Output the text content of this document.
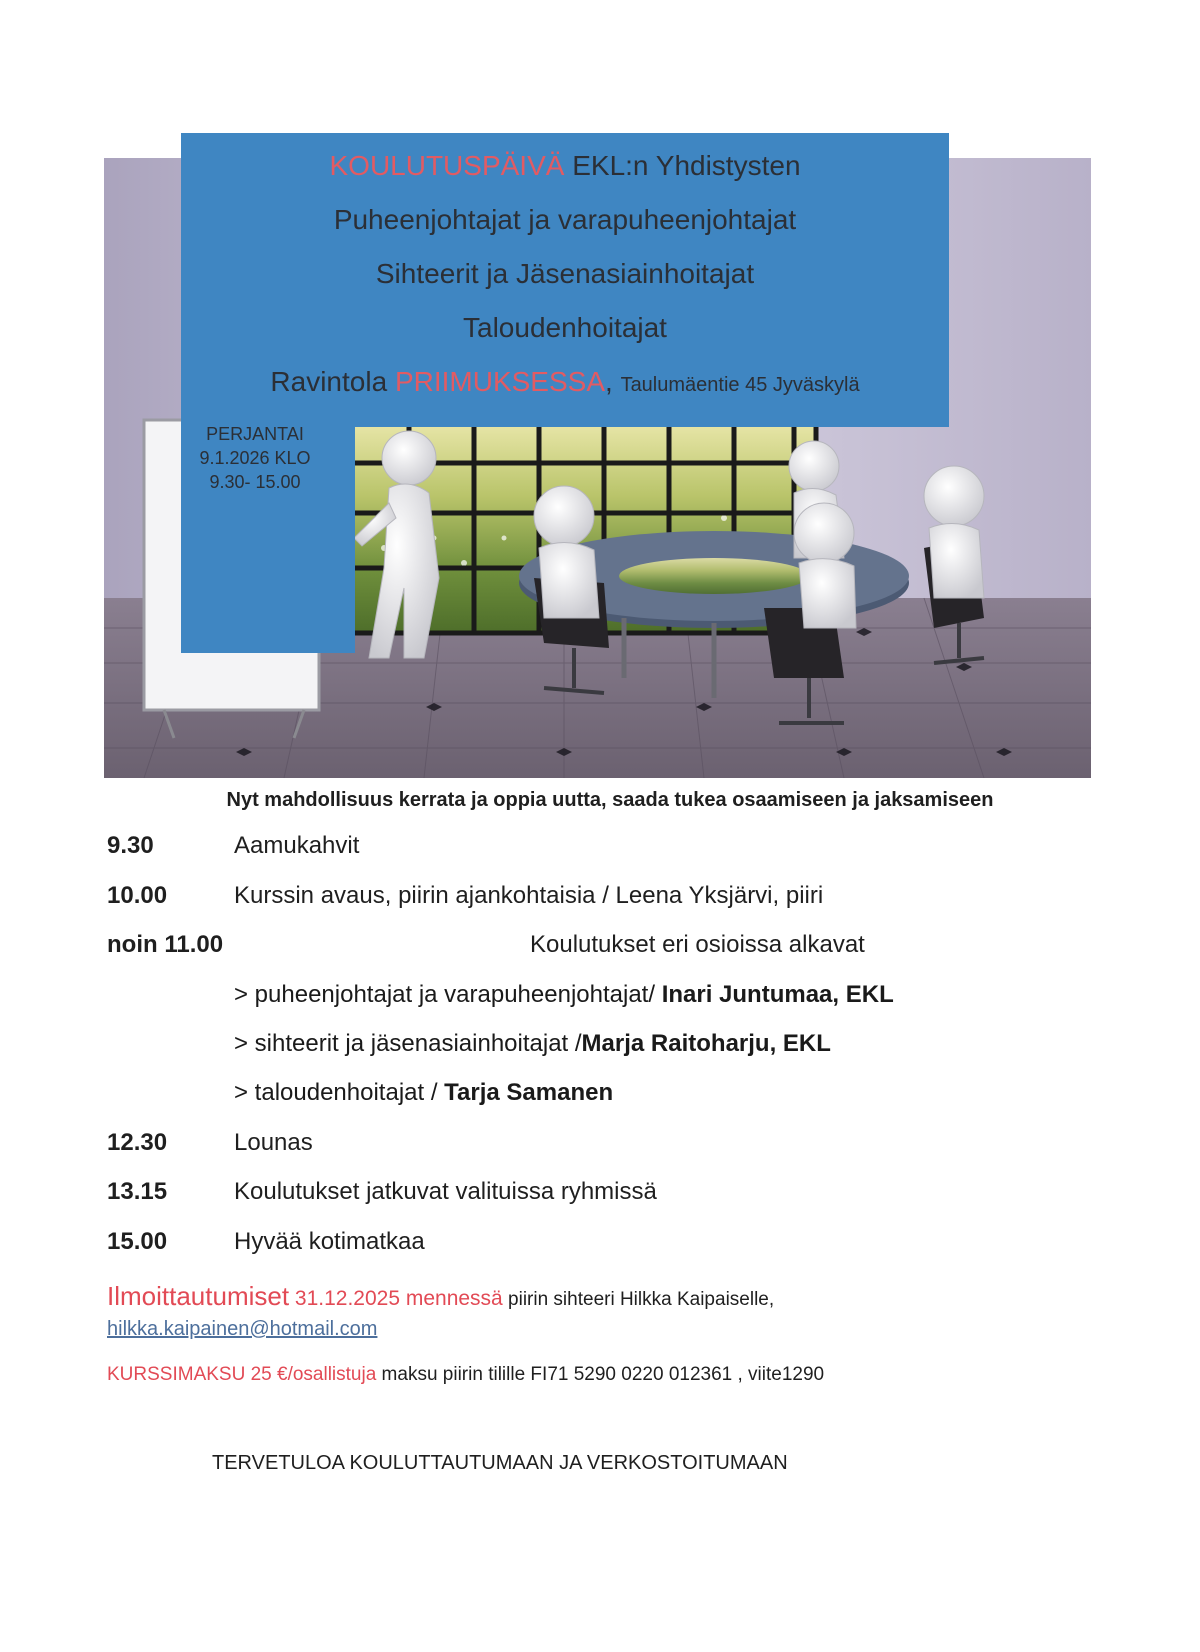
KOULUTUSPÄIVÄ EKL:n Yhdistysten
Puheenjohtajat ja varapuheenjohtajat
Sihteerit ja Jäsenasiainhoitajat
Taloudenhoitajat
Ravintola PRIIMUKSESSA, Taulumäentie 45 Jyväskylä
PERJANTAI
9.1.2026 KLO
9.30- 15.00
Nyt mahdollisuus kerrata ja oppia uutta, saada tukea osaamiseen ja jaksamiseen
9.30	Aamukahvit
10.00	Kurssin avaus, piirin ajankohtaisia / Leena Yksjärvi, piiri
noin 11.00	Koulutukset eri osioissa alkavat
> puheenjohtajat ja varapuheenjohtajat/ Inari Juntumaa, EKL
> sihteerit ja jäsenasiainhoitajat /Marja Raitoharju, EKL
> taloudenhoitajat / Tarja Samanen
12.30	Lounas
13.15	Koulutukset jatkuvat valituissa ryhmissä
15.00	Hyvää kotimatkaa
Ilmoittautumiset 31.12.2025 mennessä piirin sihteeri Hilkka Kaipaiselle,
hilkka.kaipainen@hotmail.com
KURSSIMAKSU 25 €/osallistuja maksu piirin tilille FI71 5290 0220 012361 , viite1290
TERVETULOA KOULUTTAUTUMAAN JA VERKOSTOITUMAAN
